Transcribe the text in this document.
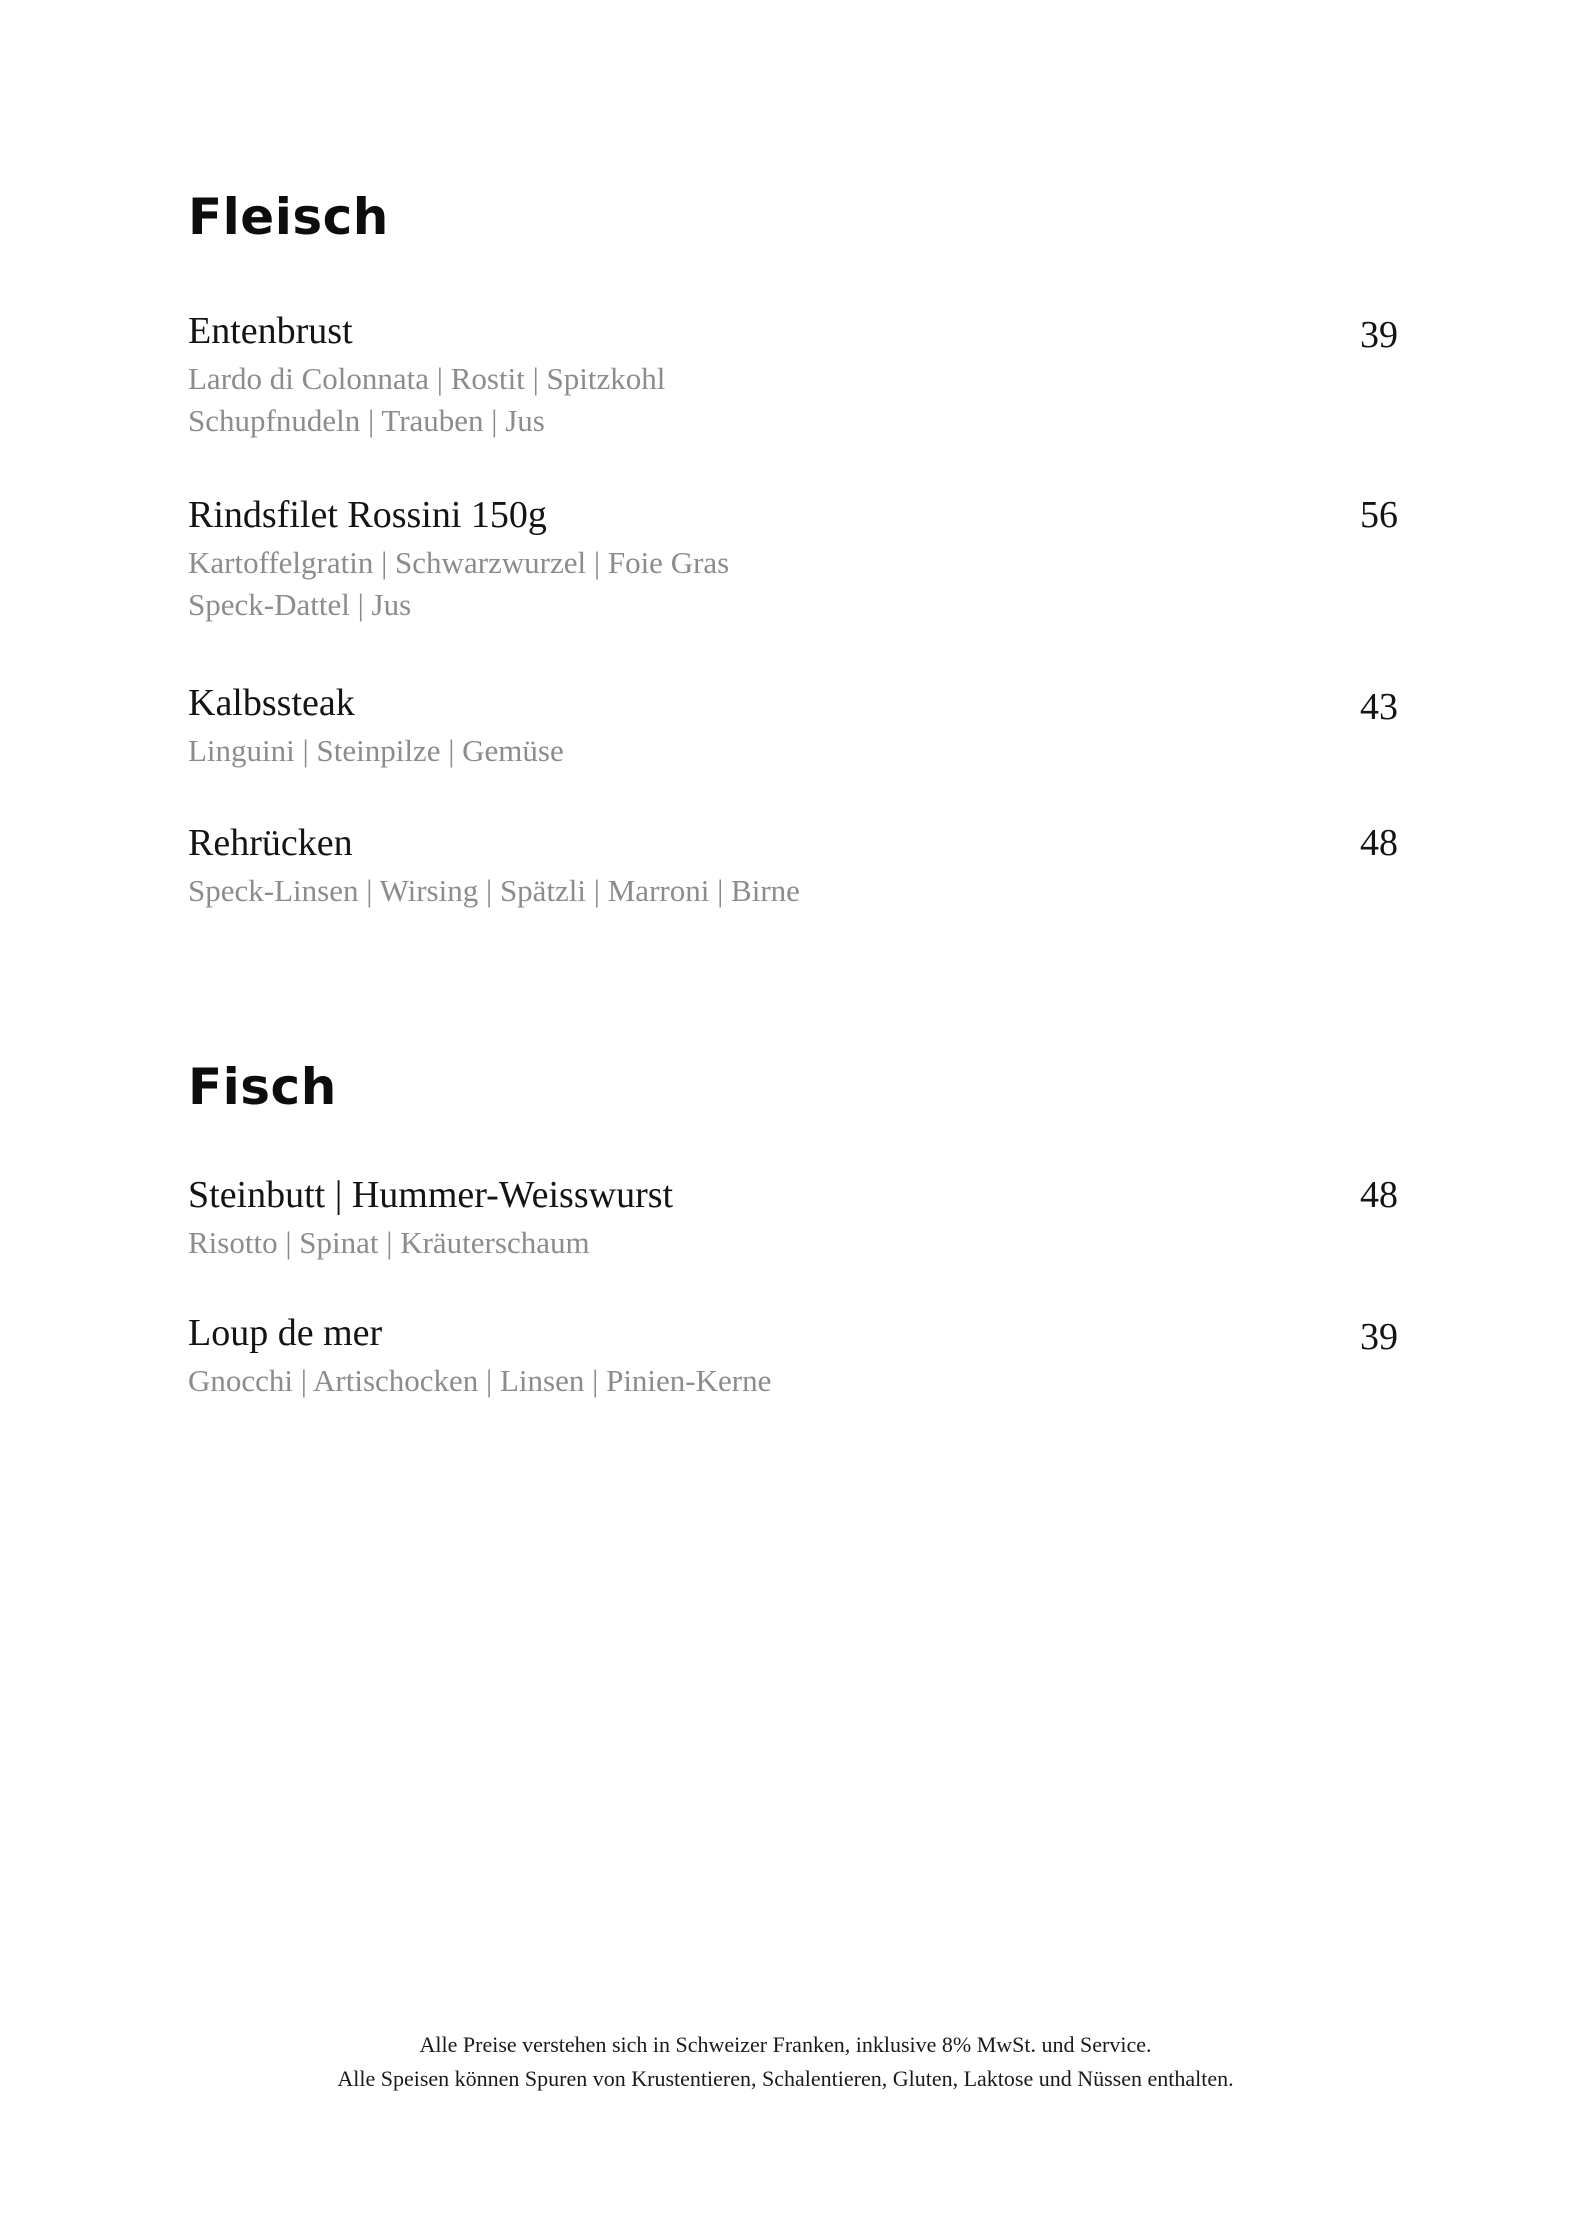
Fleisch
Entenbrust	39
Lardo di Colonnata | Rostit | Spitzkohl
Schupfnudeln | Trauben | Jus
Rindsfilet Rossini 150g	56
Kartoffelgratin | Schwarzwurzel | Foie Gras
Speck-Dattel | Jus
Kalbssteak	43
Linguini | Steinpilze | Gemüse
Rehrücken	48
Speck-Linsen | Wirsing | Spätzli | Marroni | Birne
Fisch
Steinbutt | Hummer-Weisswurst	48
Risotto | Spinat | Kräuterschaum
Loup de mer	39
Gnocchi | Artischocken | Linsen | Pinien-Kerne
Alle Preise verstehen sich in Schweizer Franken, inklusive 8% MwSt. und Service.
Alle Speisen können Spuren von Krustentieren, Schalentieren, Gluten, Laktose und Nüssen enthalten.
